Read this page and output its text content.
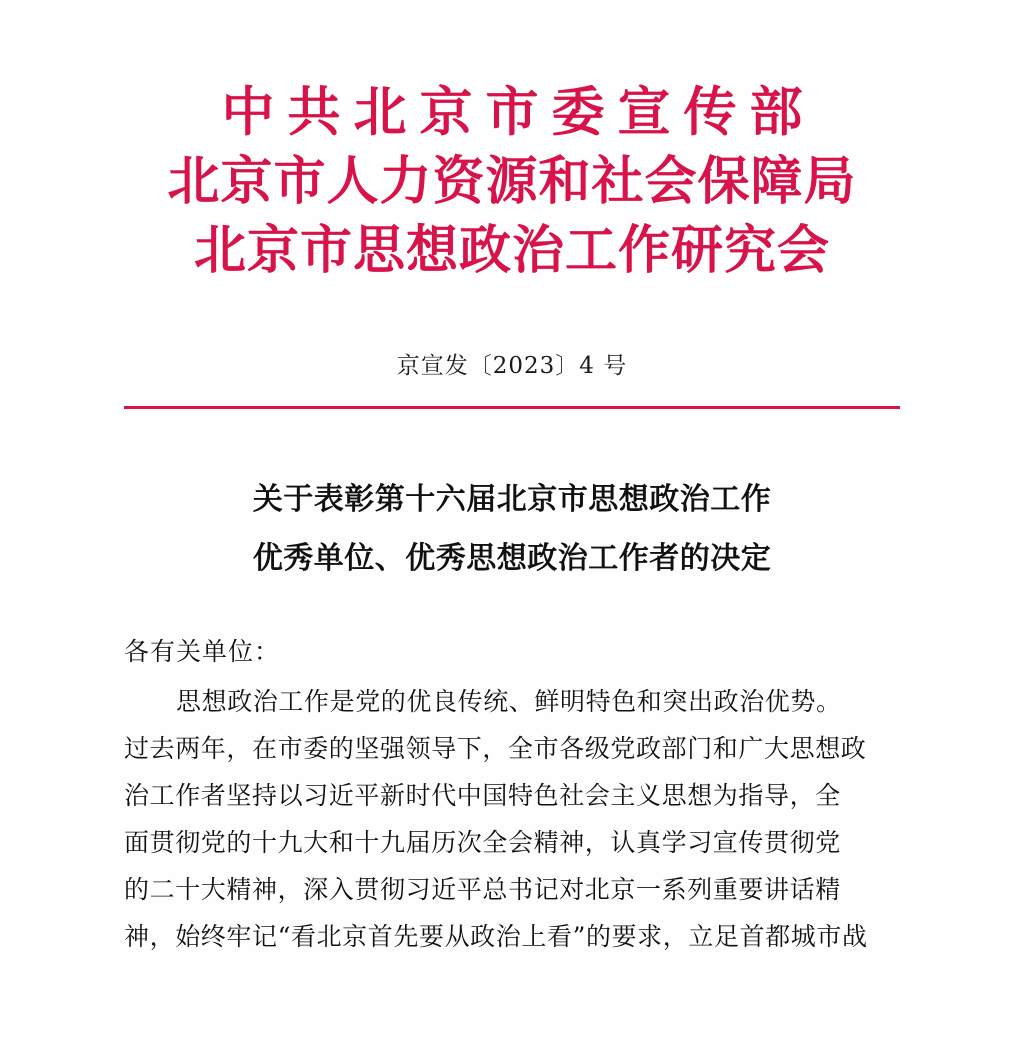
中共北京市委宣传部
北京市人力资源和社会保障局
北京市思想政治工作研究会
京宣发〔2023〕4 号
关于表彰第十六届北京市思想政治工作
优秀单位、优秀思想政治工作者的决定
各有关单位：
思想政治工作是党的优良传统、鲜明特色和突出政治优势。
过去两年，在市委的坚强领导下，全市各级党政部门和广大思想政
治工作者坚持以习近平新时代中国特色社会主义思想为指导，全
面贯彻党的十九大和十九届历次全会精神，认真学习宣传贯彻党
的二十大精神，深入贯彻习近平总书记对北京一系列重要讲话精
神，始终牢记“看北京首先要从政治上看”的要求，立足首都城市战
